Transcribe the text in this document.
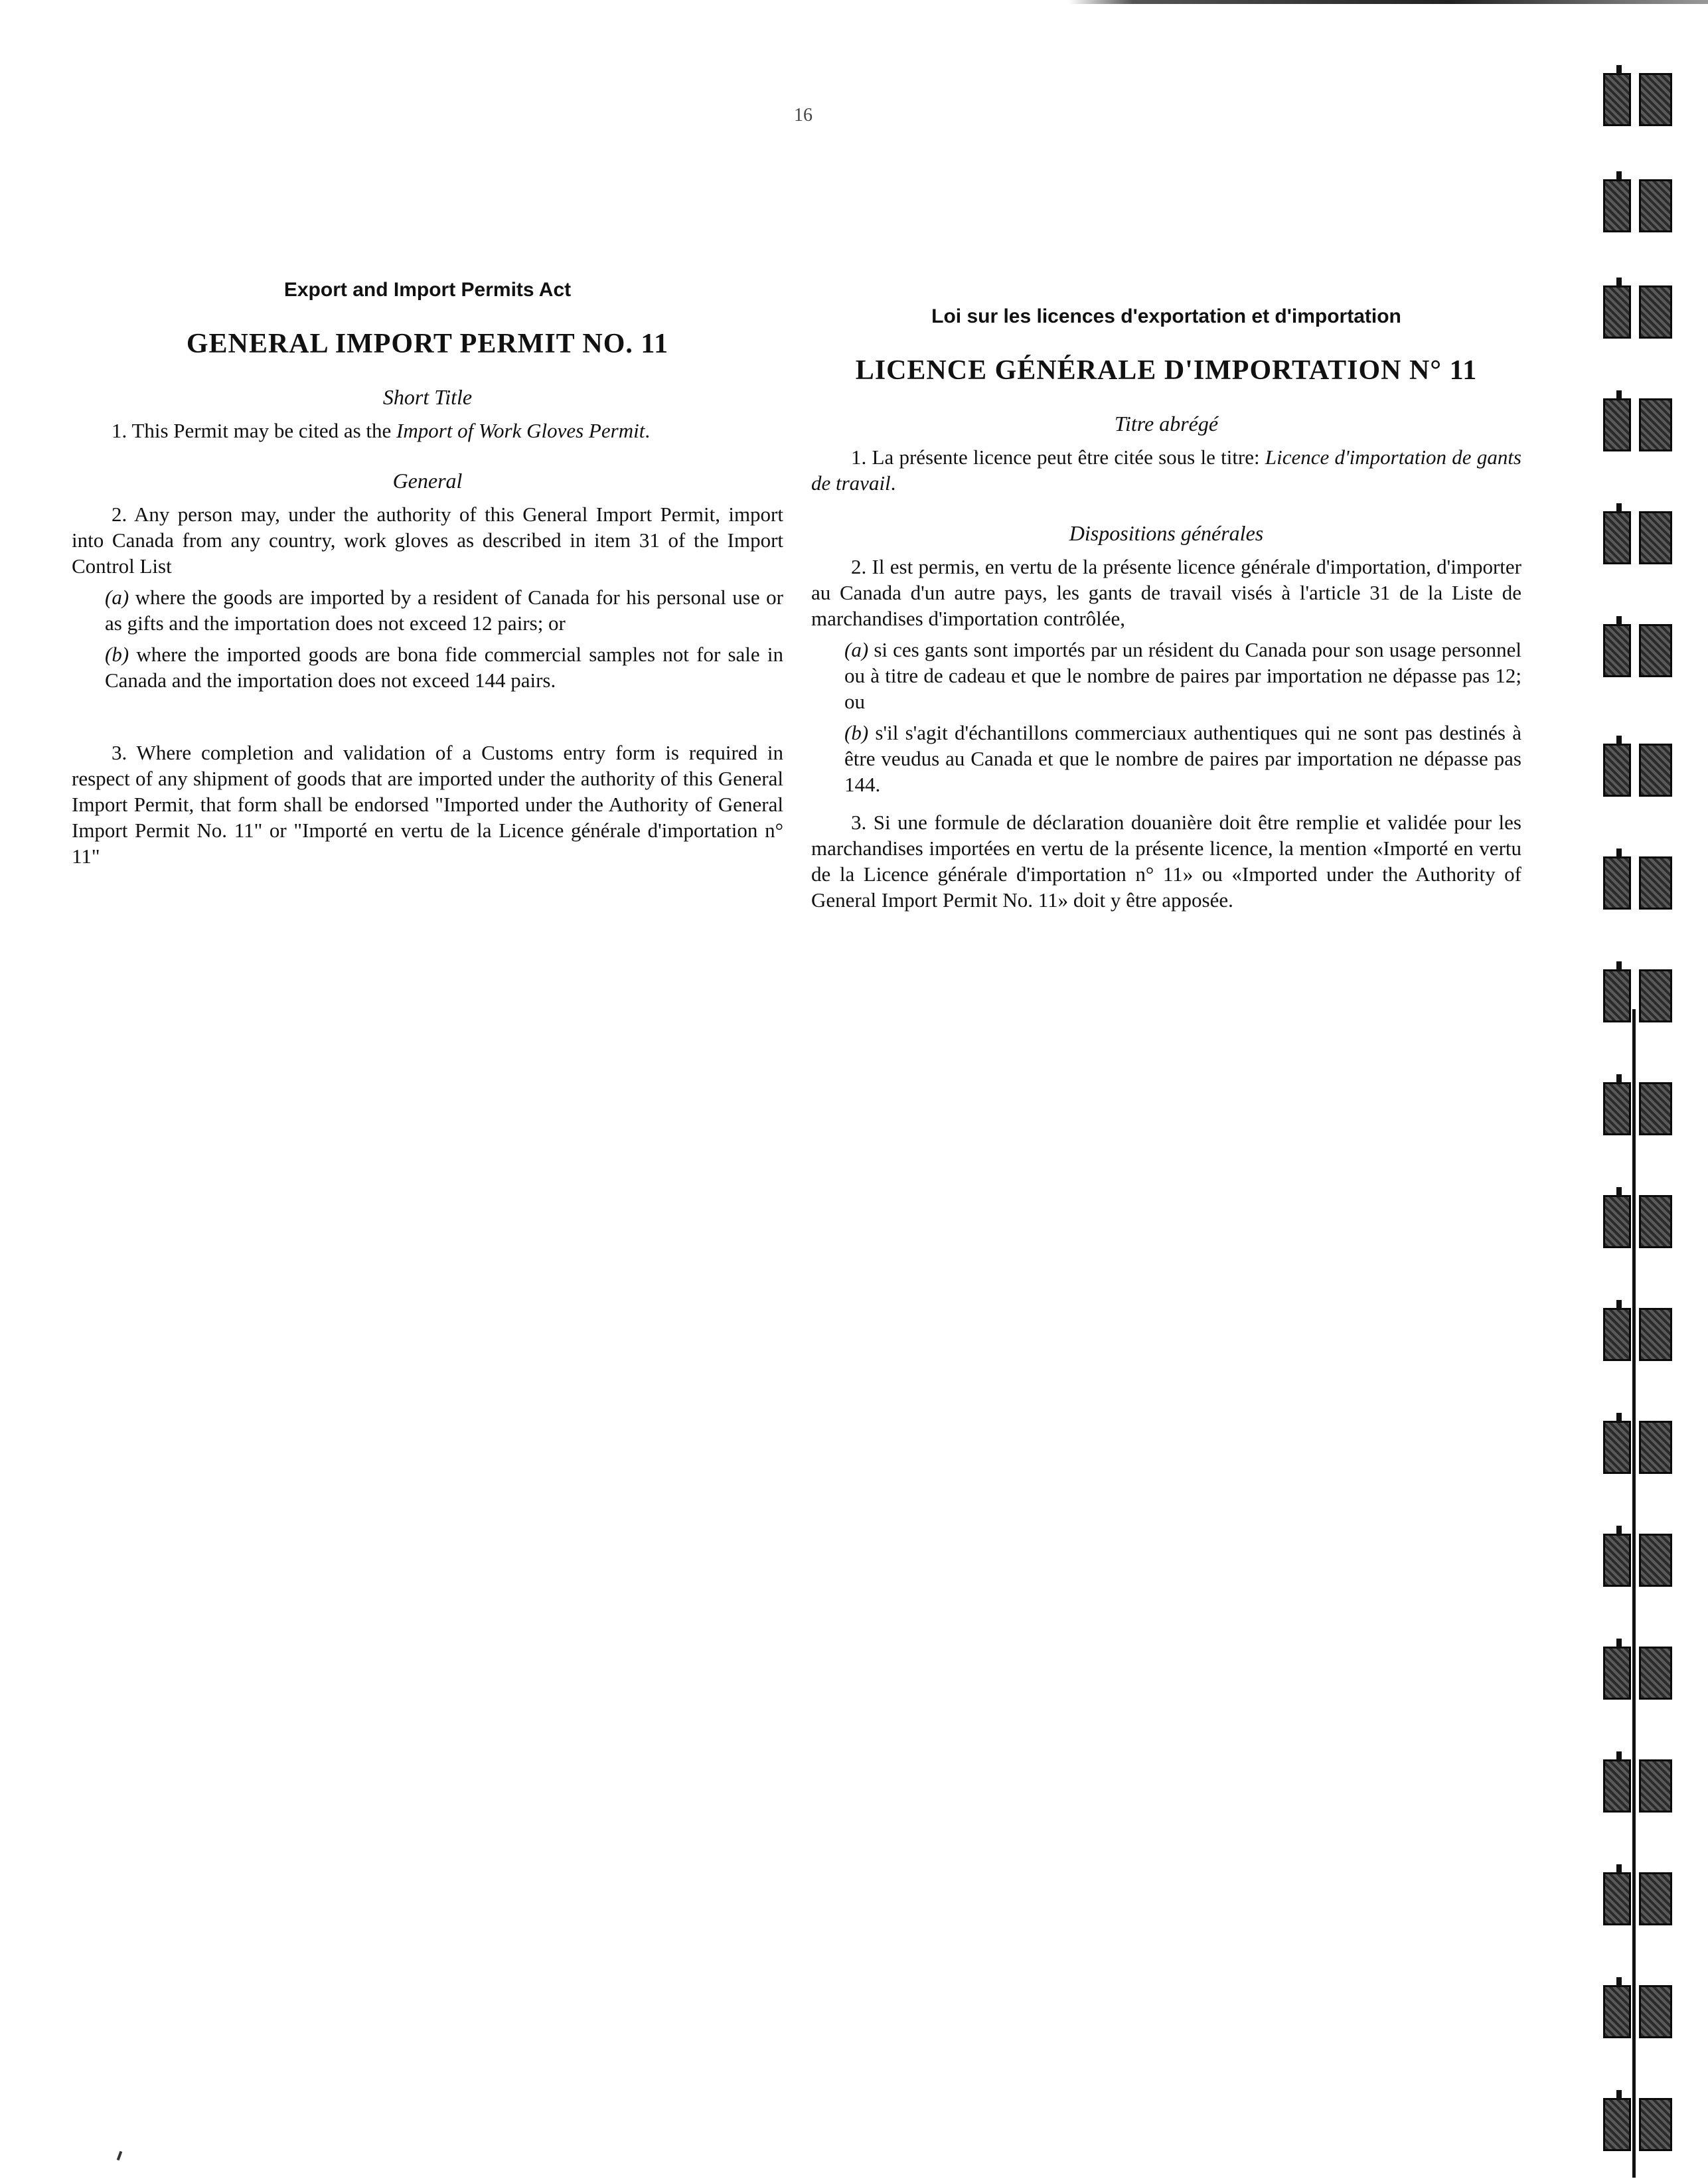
16

Export and Import Permits Act

GENERAL IMPORT PERMIT NO. 11

Short Title

1. This Permit may be cited as the Import of Work Gloves Permit.

General

2. Any person may, under the authority of this General Import Permit, import into Canada from any country, work gloves as described in item 31 of the Import Control List

(a) where the goods are imported by a resident of Canada for his personal use or as gifts and the importation does not exceed 12 pairs; or

(b) where the imported goods are bona fide commercial samples not for sale in Canada and the importation does not exceed 144 pairs.

3. Where completion and validation of a Customs entry form is required in respect of any shipment of goods that are imported under the authority of this General Import Permit, that form shall be endorsed "Imported under the Authority of General Import Permit No. 11" or "Importé en vertu de la Licence générale d'importation n° 11"

Loi sur les licences d'exportation et d'importation

LICENCE GÉNÉRALE D'IMPORTATION N° 11

Titre abrégé

1. La présente licence peut être citée sous le titre: Licence d'importation de gants de travail.

Dispositions générales

2. Il est permis, en vertu de la présente licence générale d'importation, d'importer au Canada d'un autre pays, les gants de travail visés à l'article 31 de la Liste de marchandises d'importation contrôlée,

(a) si ces gants sont importés par un résident du Canada pour son usage personnel ou à titre de cadeau et que le nombre de paires par importation ne dépasse pas 12; ou

(b) s'il s'agit d'échantillons commerciaux authentiques qui ne sont pas destinés à être veudus au Canada et que le nombre de paires par importation ne dépasse pas 144.

3. Si une formule de déclaration douanière doit être remplie et validée pour les marchandises importées en vertu de la présente licence, la mention «Importé en vertu de la Licence générale d'importation n° 11» ou «Imported under the Authority of General Import Permit No. 11» doit y être apposée.
